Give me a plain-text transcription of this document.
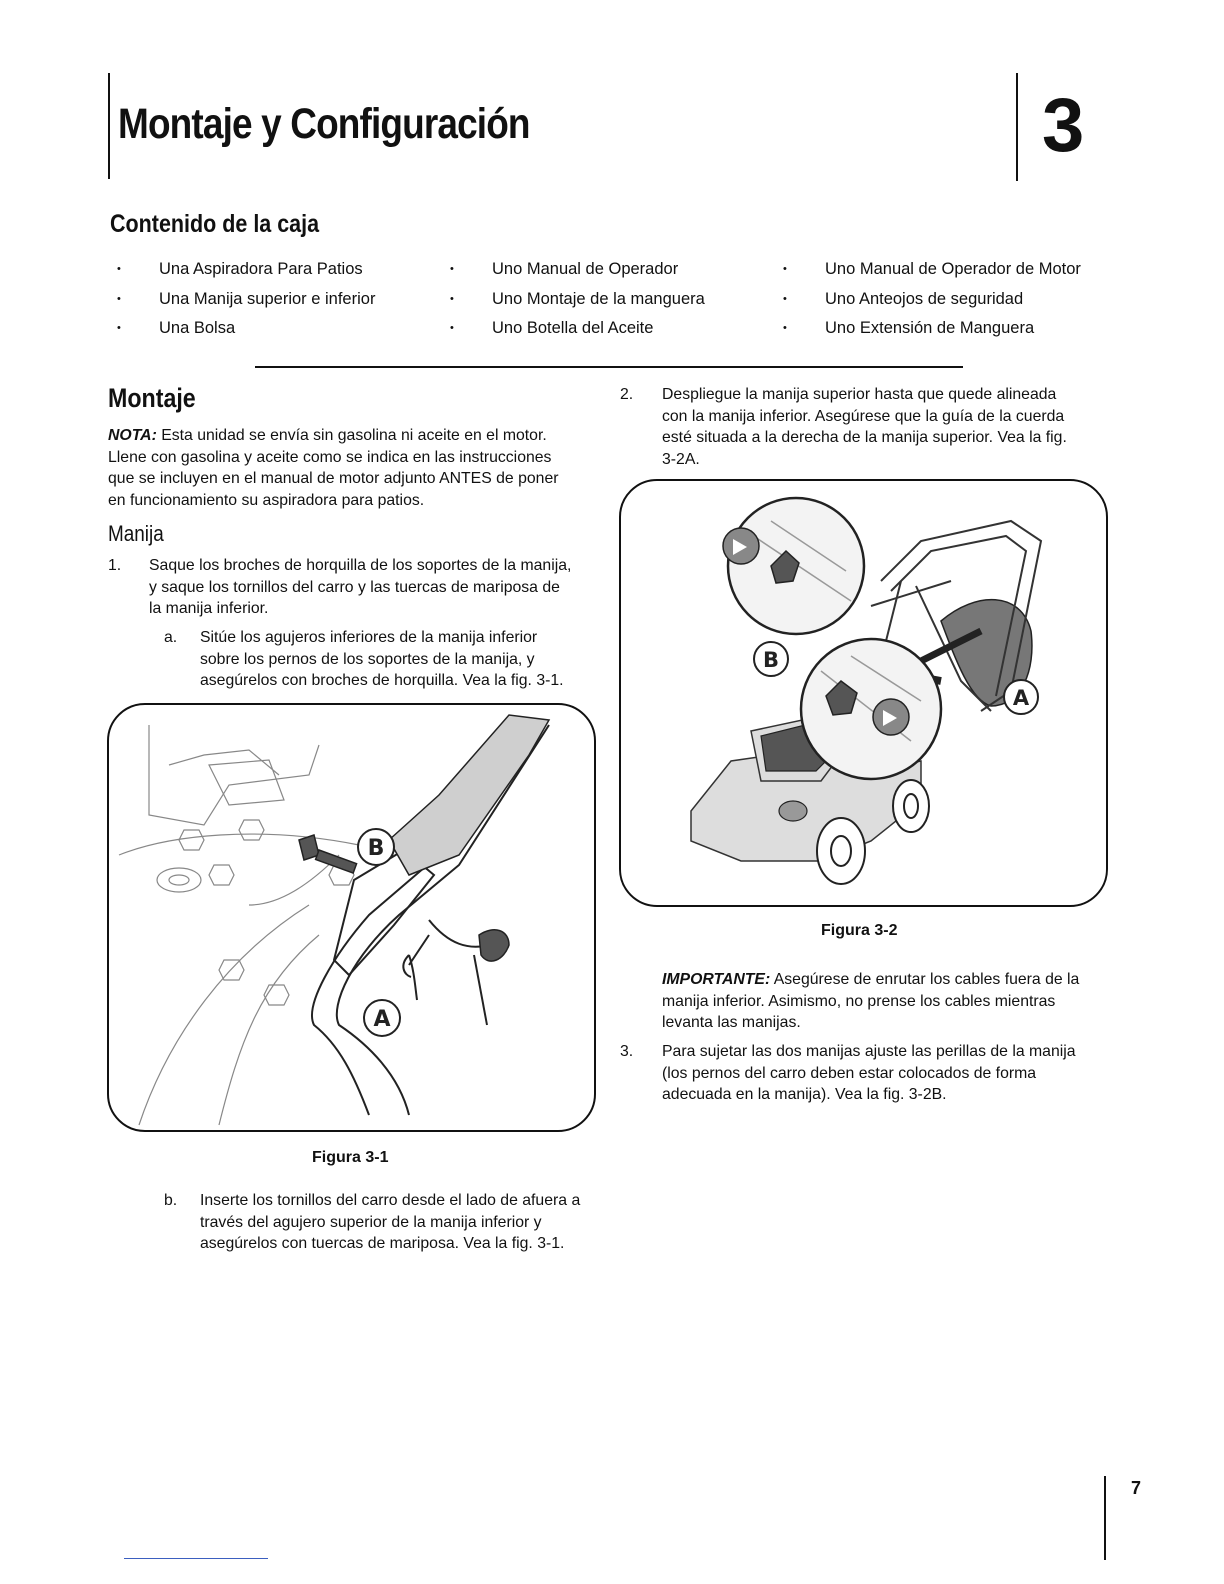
Montaje y Configuración	3
Contenido de la caja
• Una Aspiradora Para Patios
• Una Manija superior e inferior
• Una Bolsa
• Uno Manual de Operador
• Uno Montaje de la manguera
• Uno Botella del Aceite
• Uno Manual de Operador de Motor
• Uno Anteojos de seguridad
• Uno Extensión de Manguera
Montaje
NOTA: Esta unidad se envía sin gasolina ni aceite en el motor.
Llene con gasolina y aceite como se indica en las instrucciones
que se incluyen en el manual de motor adjunto ANTES de poner
en funcionamiento su aspiradora para patios.
Manija
1. Saque los broches de horquilla de los soportes de la manija,
y saque los tornillos del carro y las tuercas de mariposa de
la manija inferior.
a. Sitúe los agujeros inferiores de la manija inferior
sobre los pernos de los soportes de la manija, y
asegúrelos con broches de horquilla. Vea la fig. 3-1.
B
A
Figura 3-1
b. Inserte los tornillos del carro desde el lado de afuera a
través del agujero superior de la manija inferior y
asegúrelos con tuercas de mariposa. Vea la fig. 3-1.
2. Despliegue la manija superior hasta que quede alineada
con la manija inferior. Asegúrese que la guía de la cuerda
esté situada a la derecha de la manija superior. Vea la fig.
3-2A.
B
A
Figura 3-2
IMPORTANTE: Asegúrese de enrutar los cables fuera de la
manija inferior. Asimismo, no prense los cables mientras
levanta las manijas.
3. Para sujetar las dos manijas ajuste las perillas de la manija
(los pernos del carro deben estar colocados de forma
adecuada en la manija). Vea la fig. 3-2B.
7
